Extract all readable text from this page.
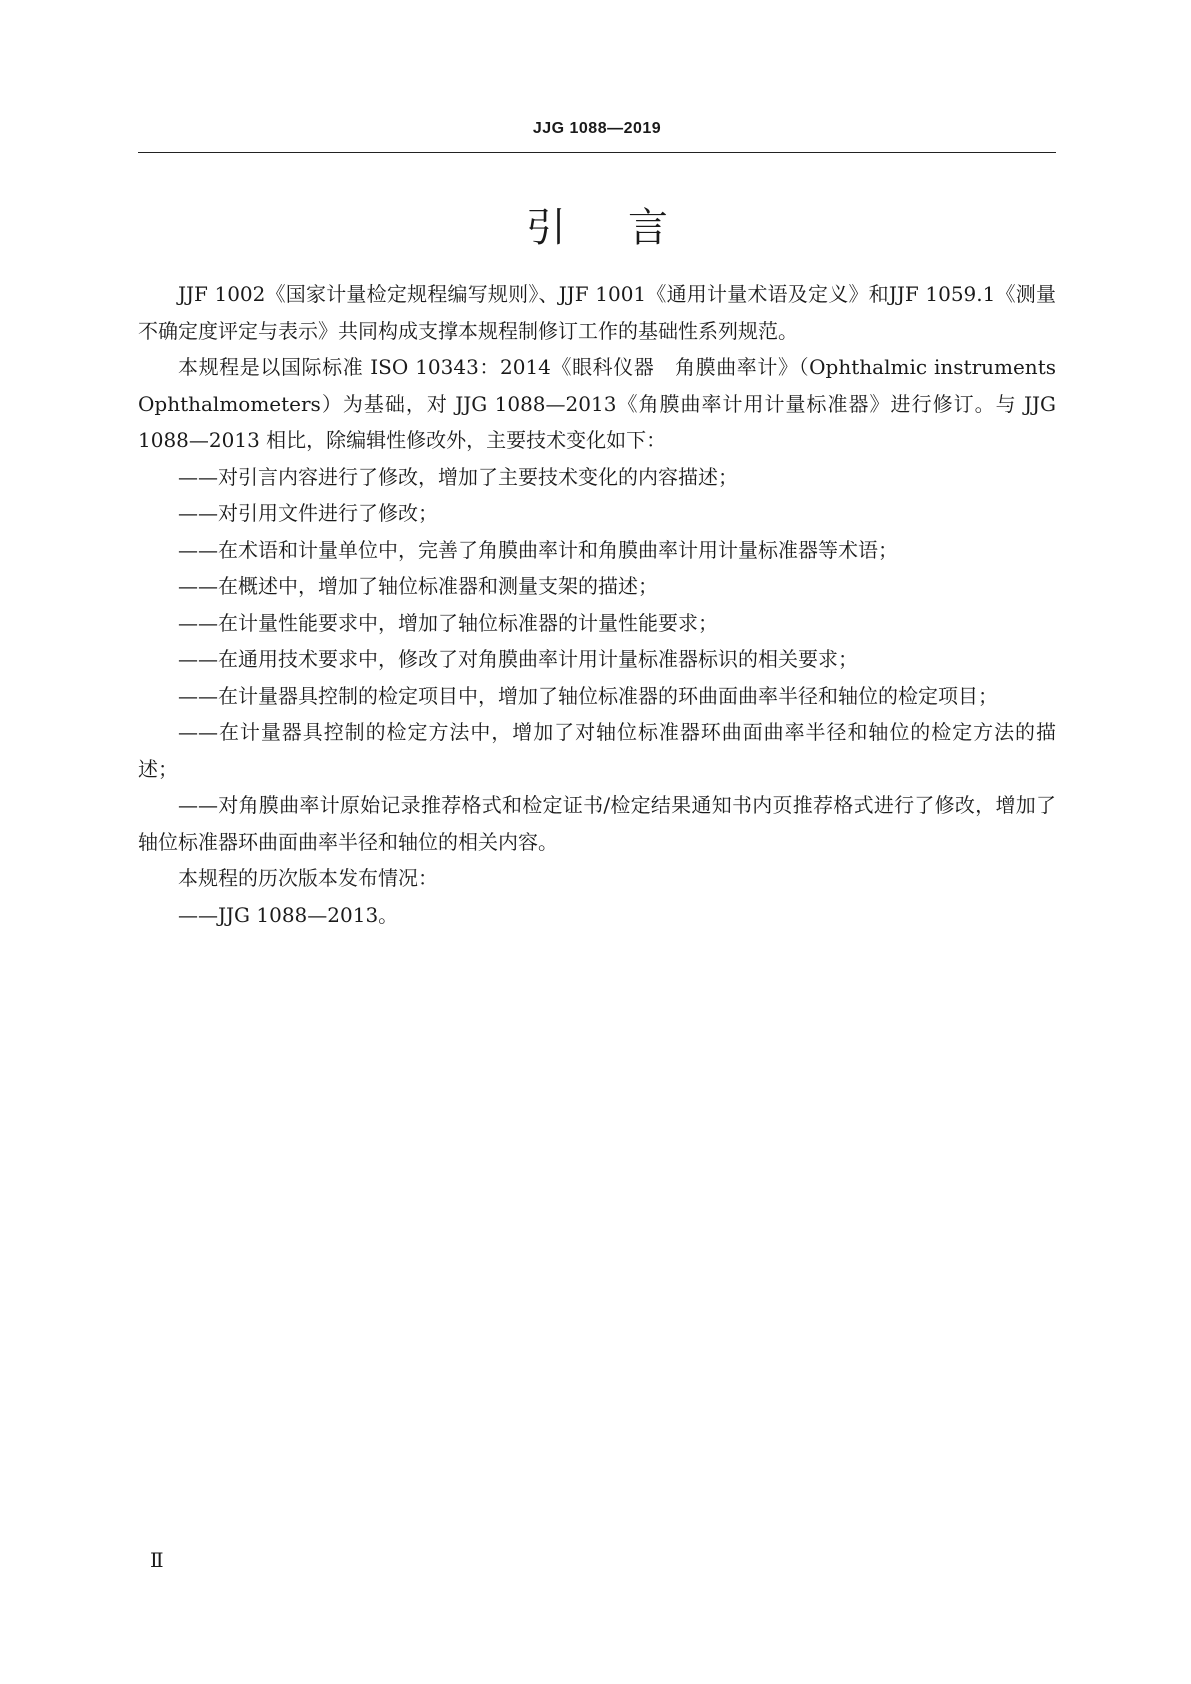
JJG 1088—2019
引言

JJF 1002《国家计量检定规程编写规则》、JJF 1001《通用计量术语及定义》和JJF 1059.1《测量不确定度评定与表示》共同构成支撑本规程制修订工作的基础性系列规范。

本规程是以国际标准 ISO 10343：2014《眼科仪器　角膜曲率计》（Ophthalmic instruments　Ophthalmometers）为基础，对 JJG 1088—2013《角膜曲率计用计量标准器》进行修订。与 JJG 1088—2013 相比，除编辑性修改外，主要技术变化如下：

——对引言内容进行了修改，增加了主要技术变化的内容描述；

——对引用文件进行了修改；

——在术语和计量单位中，完善了角膜曲率计和角膜曲率计用计量标准器等术语；

——在概述中，增加了轴位标准器和测量支架的描述；

——在计量性能要求中，增加了轴位标准器的计量性能要求；

——在通用技术要求中，修改了对角膜曲率计用计量标准器标识的相关要求；

——在计量器具控制的检定项目中，增加了轴位标准器的环曲面曲率半径和轴位的检定项目；

——在计量器具控制的检定方法中，增加了对轴位标准器环曲面曲率半径和轴位的检定方法的描述；

——对角膜曲率计原始记录推荐格式和检定证书/检定结果通知书内页推荐格式进行了修改，增加了轴位标准器环曲面曲率半径和轴位的相关内容。

本规程的历次版本发布情况：

——JJG 1088—2013。

Ⅱ
